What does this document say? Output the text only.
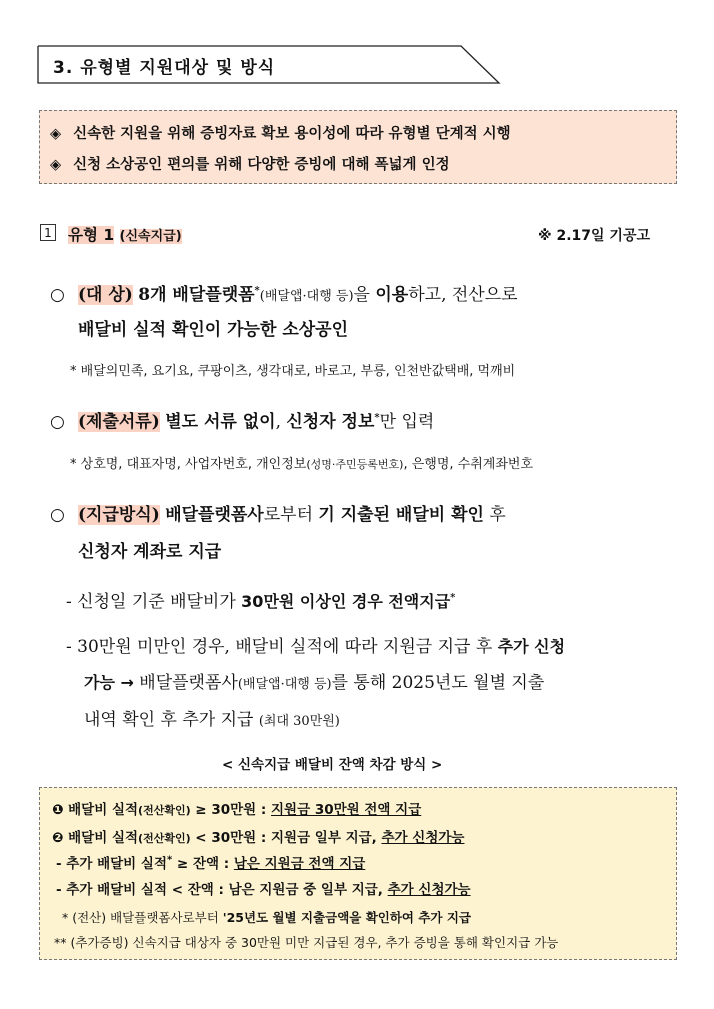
3. 유형별 지원대상 및 방식
◈ 신속한 지원을 위해 증빙자료 확보 용이성에 따라 유형별 단계적 시행
◈ 신청 소상공인 편의를 위해 다양한 증빙에 대해 폭넓게 인정
1 유형 1 (신속지급)	※ 2.17일 기공고
○ (대 상) 8개 배달플랫폼*(배달앱·대행 등)을 이용하고, 전산으로
배달비 실적 확인이 가능한 소상공인
* 배달의민족, 요기요, 쿠팡이츠, 생각대로, 바로고, 부릉, 인천반값택배, 먹깨비
○ (제출서류) 별도 서류 없이, 신청자 정보*만 입력
* 상호명, 대표자명, 사업자번호, 개인정보(성명·주민등록번호), 은행명, 수취계좌번호
○ (지급방식) 배달플랫폼사로부터 기 지출된 배달비 확인 후
신청자 계좌로 지급
- 신청일 기준 배달비가 30만원 이상인 경우 전액지급*
- 30만원 미만인 경우, 배달비 실적에 따라 지원금 지급 후 추가 신청
가능 → 배달플랫폼사(배달앱·대행 등)를 통해 2025년도 월별 지출
내역 확인 후 추가 지급 (최대 30만원)
< 신속지급 배달비 잔액 차감 방식 >
❶ 배달비 실적(전산확인) ≥ 30만원 : 지원금 30만원 전액 지급
❷ 배달비 실적(전산확인) < 30만원 : 지원금 일부 지급, 추가 신청가능
- 추가 배달비 실적* ≥ 잔액 : 남은 지원금 전액 지급
- 추가 배달비 실적 < 잔액 : 남은 지원금 중 일부 지급, 추가 신청가능
* (전산) 배달플랫폼사로부터 '25년도 월별 지출금액을 확인하여 추가 지급
** (추가증빙) 신속지급 대상자 중 30만원 미만 지급된 경우, 추가 증빙을 통해 확인지급 가능
